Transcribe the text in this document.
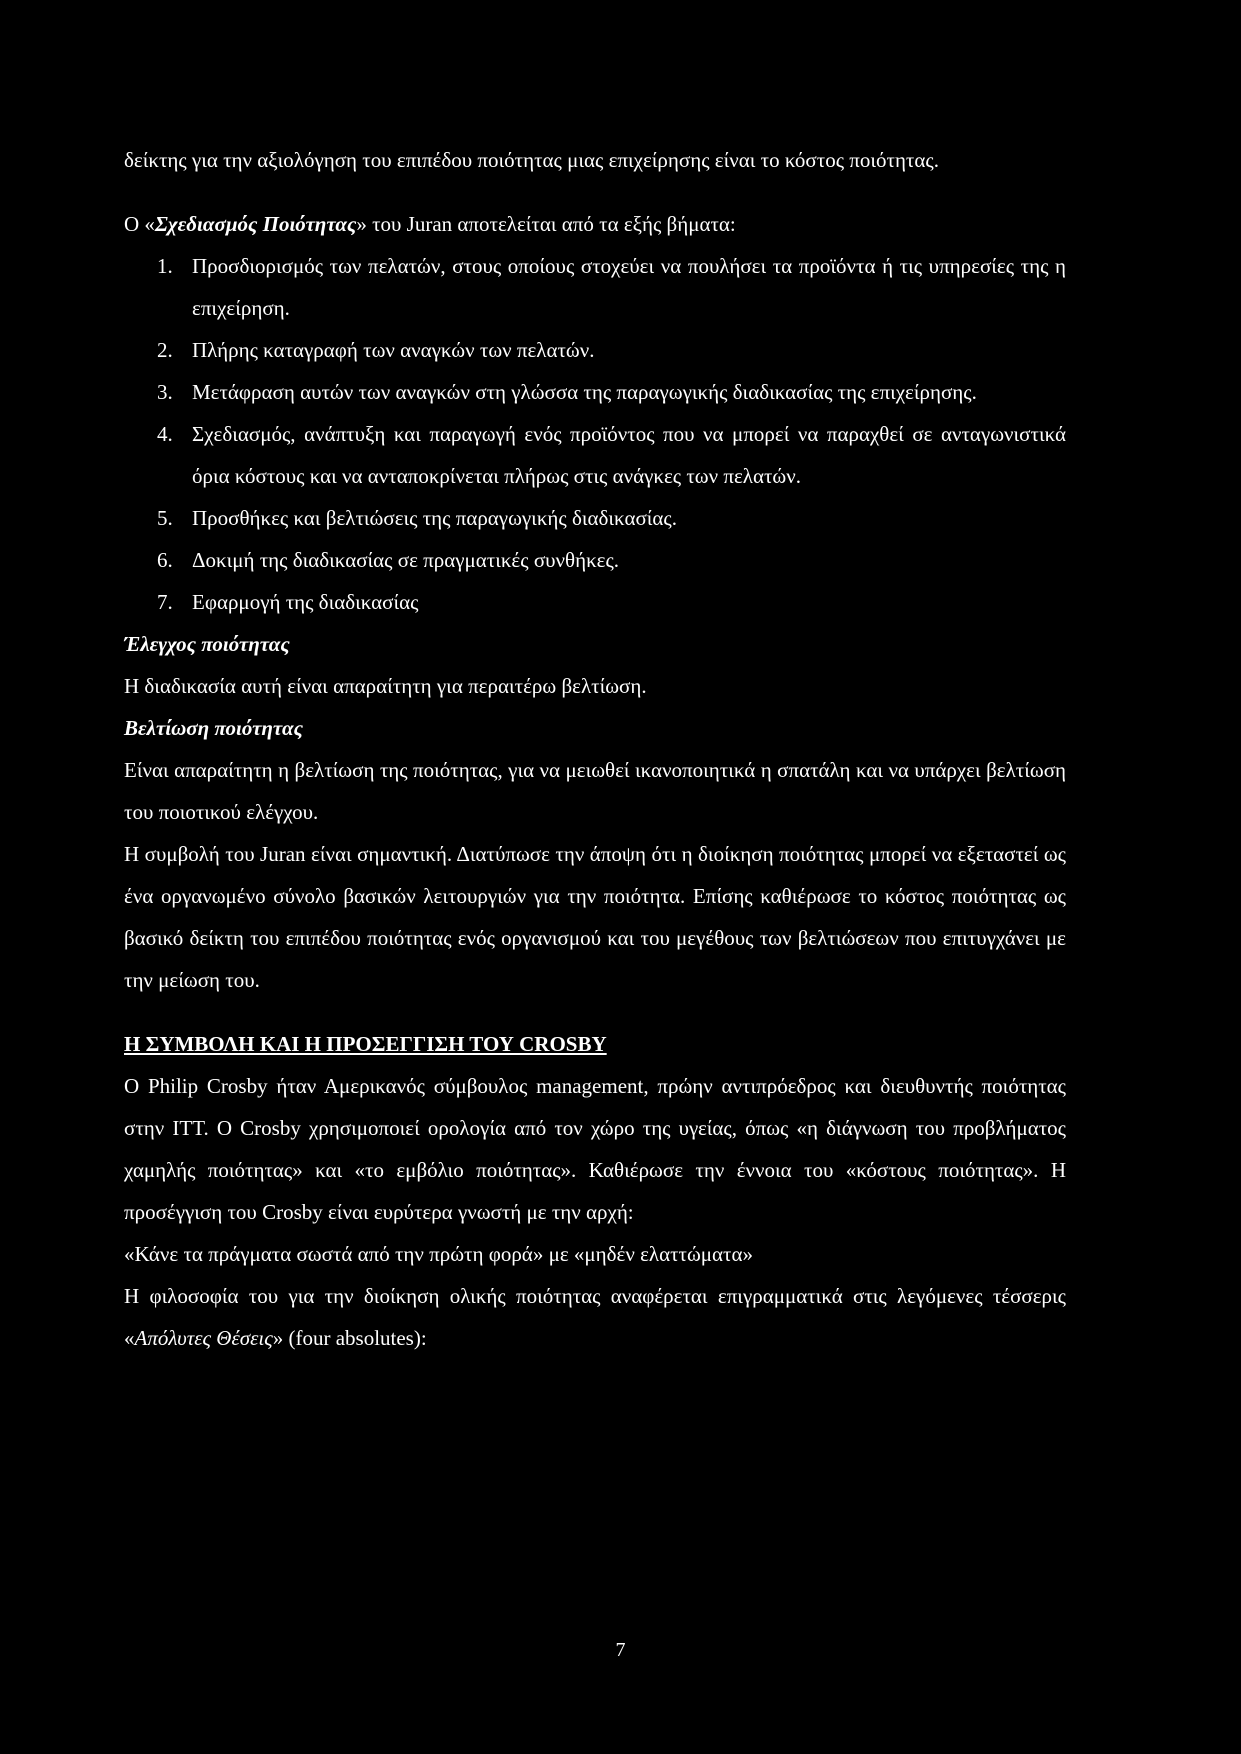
δείκτης για την αξιολόγηση του επιπέδου ποιότητας μιας επιχείρησης είναι το κόστος ποιότητας.

Ο «Σχεδιασμός Ποιότητας» του Juran αποτελείται από τα εξής βήματα:

1. Προσδιορισμός των πελατών, στους οποίους στοχεύει να πουλήσει τα προϊόντα ή τις υπηρεσίες της η επιχείρηση.
2. Πλήρης καταγραφή των αναγκών των πελατών.
3. Μετάφραση αυτών των αναγκών στη γλώσσα της παραγωγικής διαδικασίας της επιχείρησης.
4. Σχεδιασμός, ανάπτυξη και παραγωγή ενός προϊόντος που να μπορεί να παραχθεί σε ανταγωνιστικά όρια κόστους και να ανταποκρίνεται πλήρως στις ανάγκες των πελατών.
5. Προσθήκες και βελτιώσεις της παραγωγικής διαδικασίας.
6. Δοκιμή της διαδικασίας σε πραγματικές συνθήκες.
7. Εφαρμογή της διαδικασίας

Έλεγχος ποιότητας

Η διαδικασία αυτή είναι απαραίτητη για περαιτέρω βελτίωση.

Βελτίωση ποιότητας

Είναι απαραίτητη η βελτίωση της ποιότητας, για να μειωθεί ικανοποιητικά η σπατάλη και να υπάρχει βελτίωση του ποιοτικού ελέγχου.

Η συμβολή του Juran είναι σημαντική. Διατύπωσε την άποψη ότι η διοίκηση ποιότητας μπορεί να εξεταστεί ως ένα οργανωμένο σύνολο βασικών λειτουργιών για την ποιότητα. Επίσης καθιέρωσε το κόστος ποιότητας ως βασικό δείκτη του επιπέδου ποιότητας ενός οργανισμού και του μεγέθους των βελτιώσεων που επιτυγχάνει με την μείωση του.

Η ΣΥΜΒΟΛΗ ΚΑΙ Η ΠΡΟΣΕΓΓΙΣΗ ΤΟΥ CROSBY

Ο Philip Crosby ήταν Αμερικανός σύμβουλος management, πρώην αντιπρόεδρος και διευθυντής ποιότητας στην ITT. Ο Crosby χρησιμοποιεί ορολογία από τον χώρο της υγείας, όπως «η διάγνωση του προβλήματος χαμηλής ποιότητας» και «το εμβόλιο ποιότητας». Καθιέρωσε την έννοια του «κόστους ποιότητας». Η προσέγγιση του Crosby είναι ευρύτερα γνωστή με την αρχή:

«Κάνε τα πράγματα σωστά από την πρώτη φορά» με «μηδέν ελαττώματα»

Η φιλοσοφία του για την διοίκηση ολικής ποιότητας αναφέρεται επιγραμματικά στις λεγόμενες τέσσερις «Απόλυτες Θέσεις» (four absolutes):

7
